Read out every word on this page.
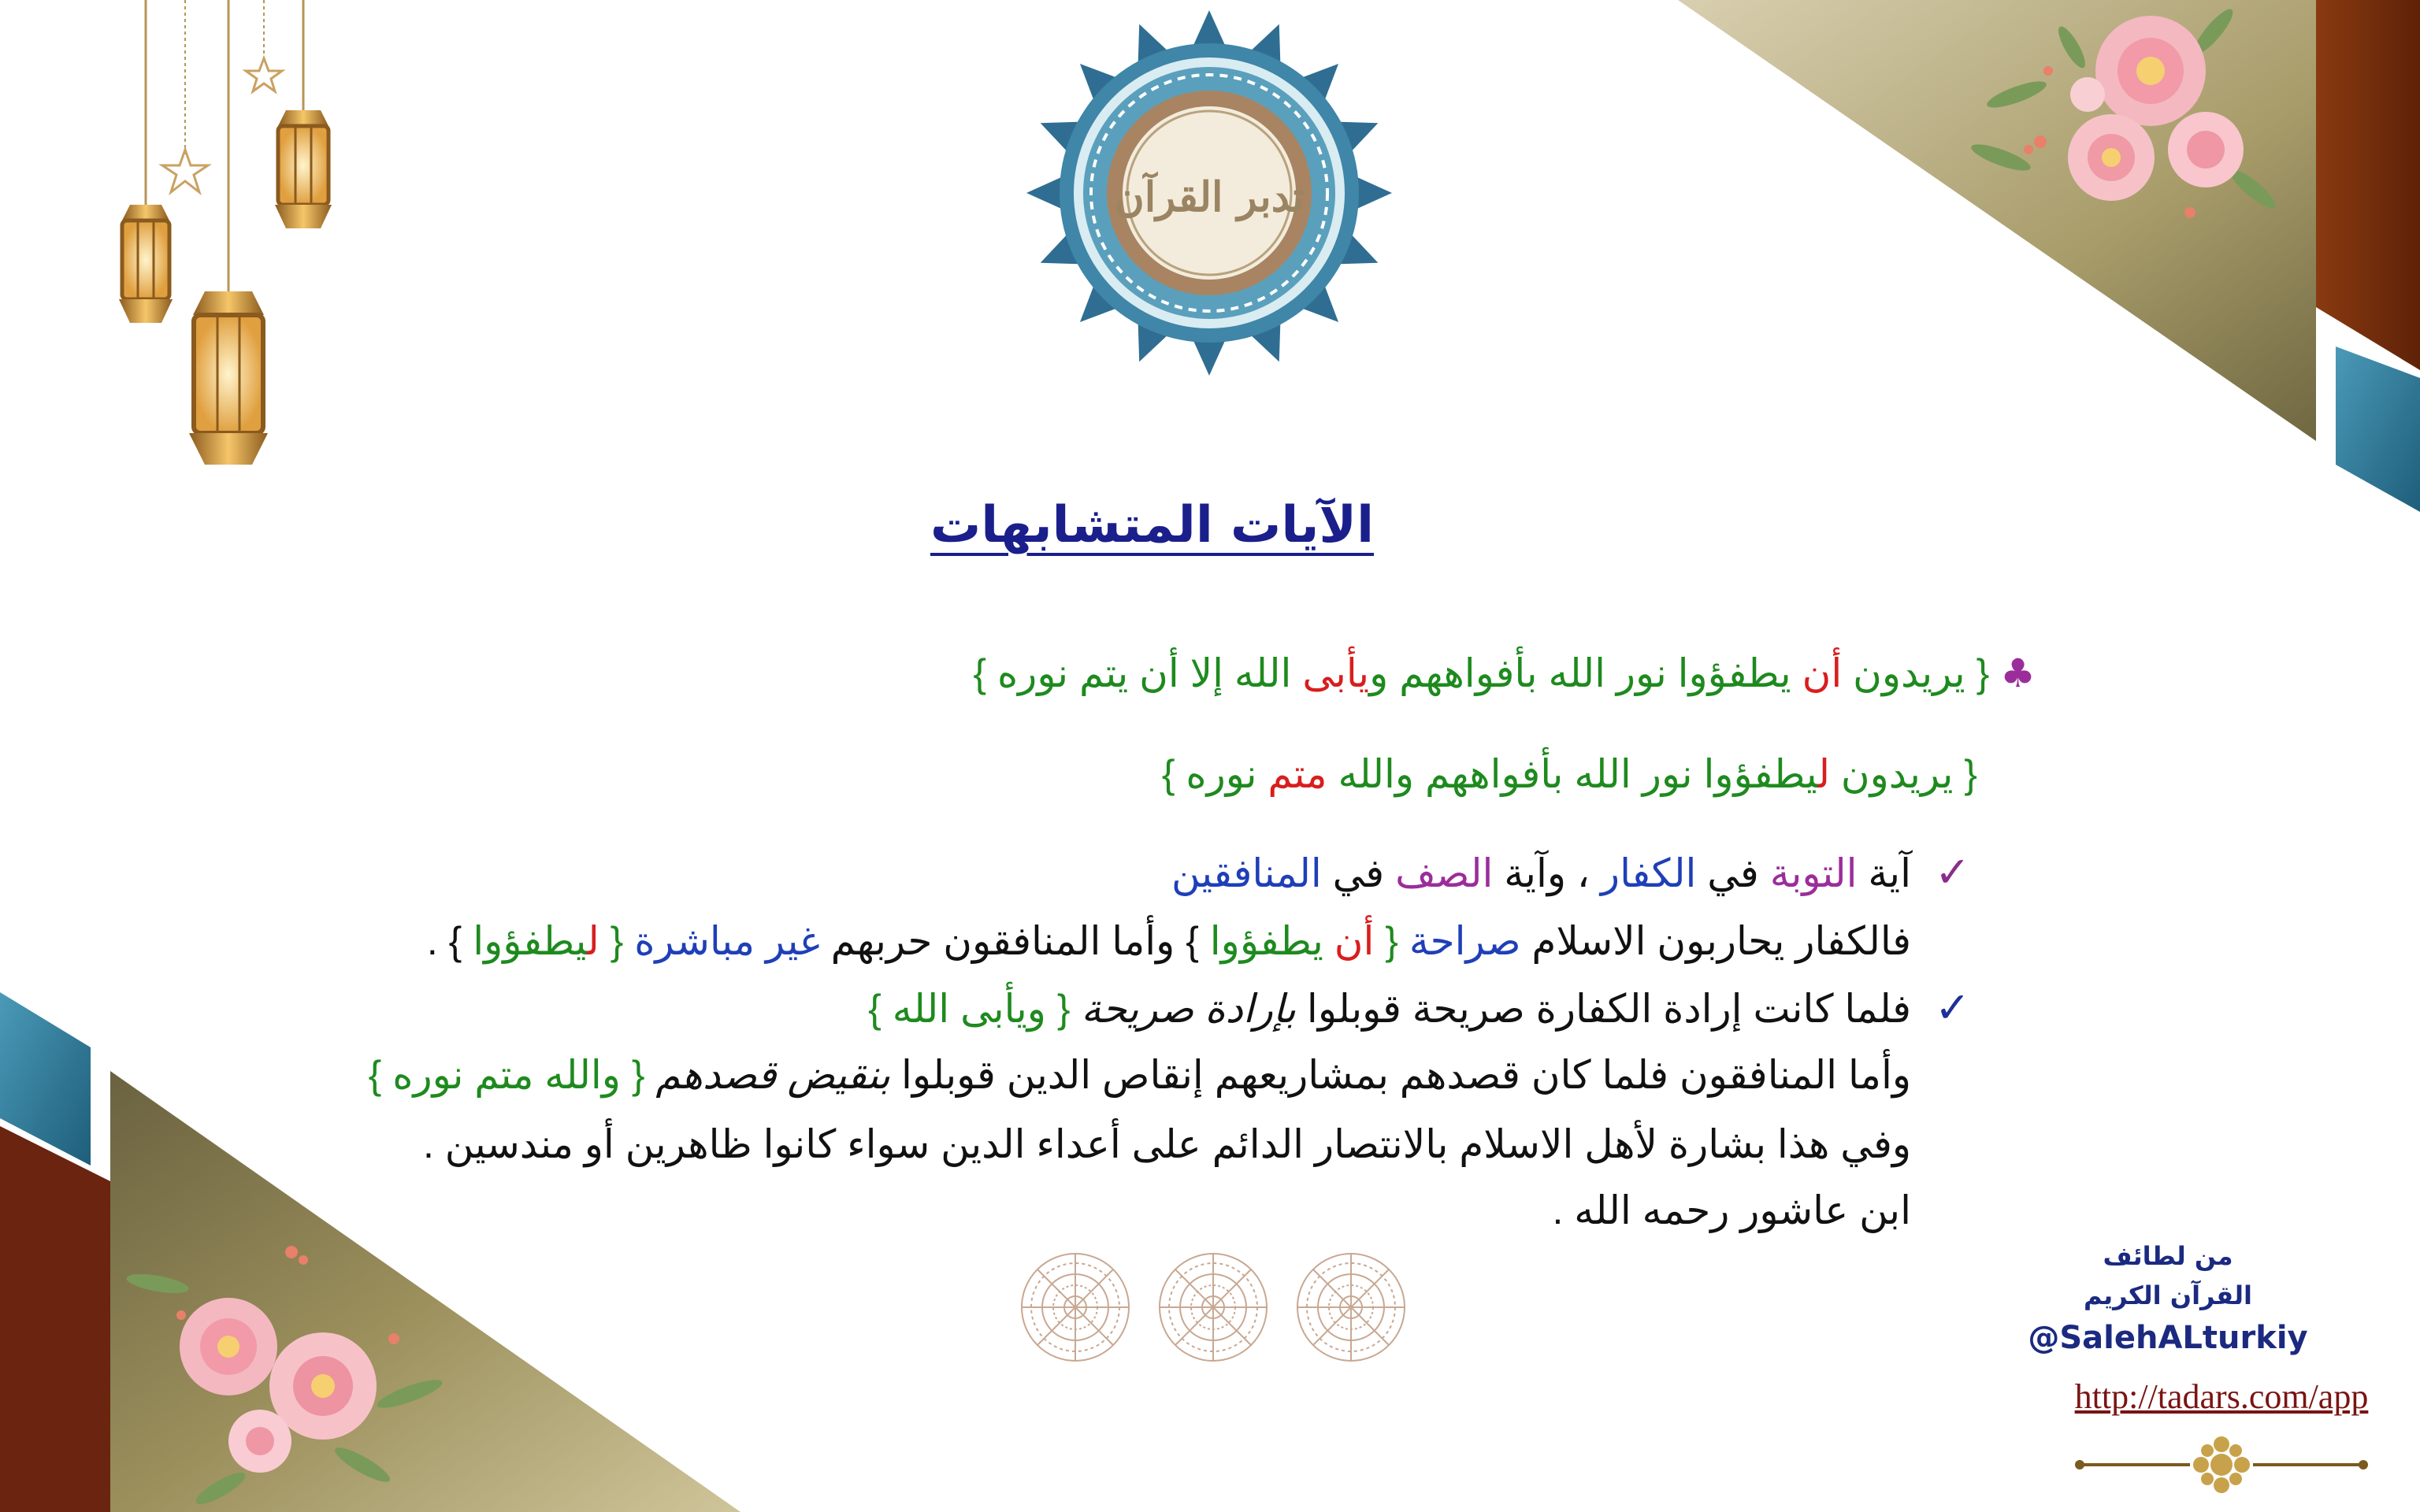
تدبر القرآن
الآيات المتشابهات
♣ { يريدون أن يطفؤوا نور الله بأفواههم ويأبى الله إلا أن يتم نوره }
{ يريدون ليطفؤوا نور الله بأفواههم والله متم نوره }
✓
✓
آية التوبة في الكفار ، وآية الصف في المنافقين
فالكفار يحاربون الاسلام صراحة { أن يطفؤوا } وأما المنافقون حربهم غير مباشرة { ليطفؤوا } .
فلما كانت إرادة الكفارة صريحة قوبلوا بإرادة صريحة { ويأبى الله }
وأما المنافقون فلما كان قصدهم بمشاريعهم إنقاص الدين قوبلوا بنقيض قصدهم { والله متم نوره }
وفي هذا بشارة لأهل الاسلام بالانتصار الدائم على أعداء الدين سواء كانوا ظاهرين أو مندسين .
ابن عاشور رحمه الله .
من لطائف
القرآن الكريم
@SalehALturkiy
http://tadars.com/app
